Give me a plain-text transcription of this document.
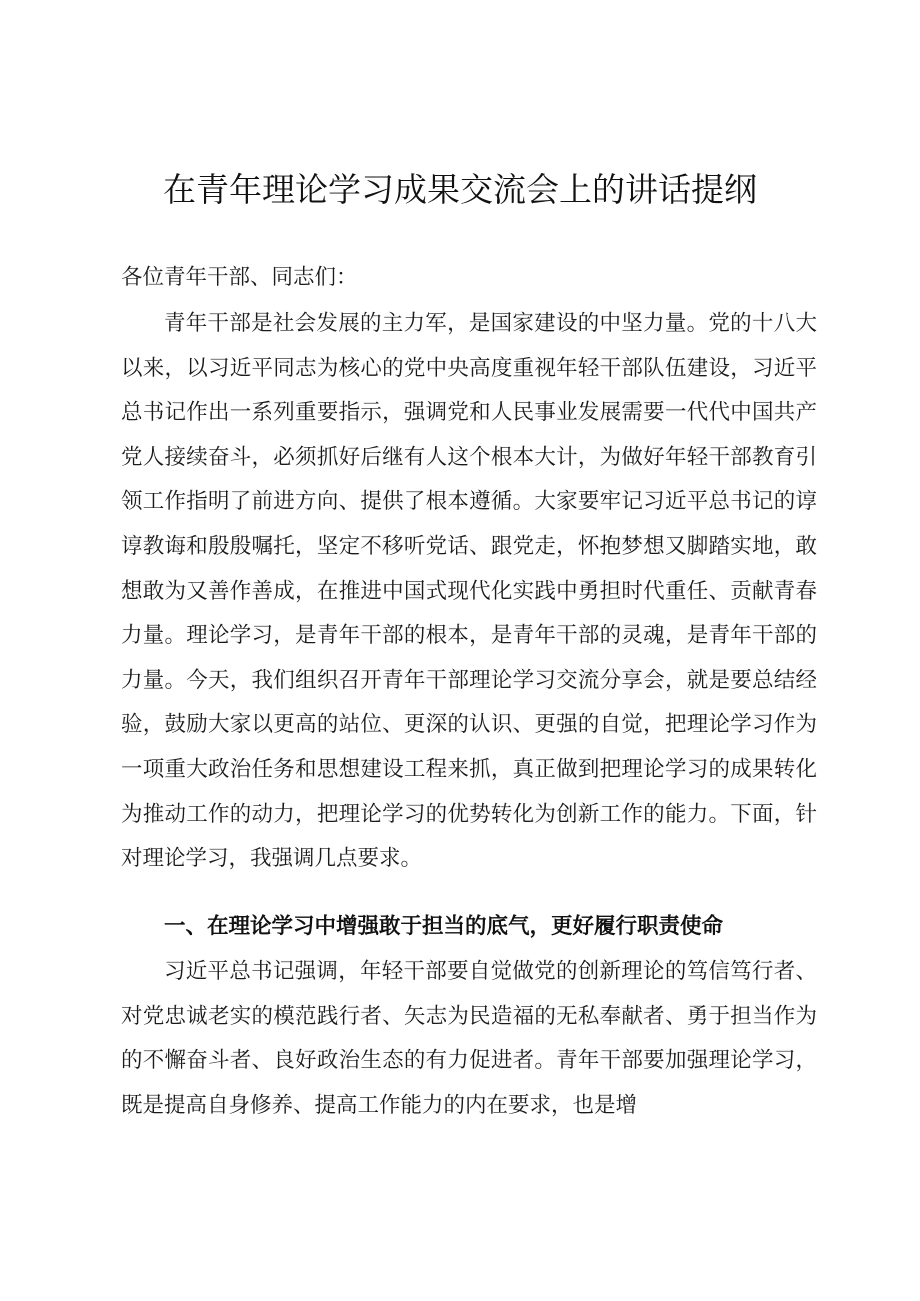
在青年理论学习成果交流会上的讲话提纲

各位青年干部、同志们：

青年干部是社会发展的主力军，是国家建设的中坚力量。党的十八大以来，以习近平同志为核心的党中央高度重视年轻干部队伍建设，习近平总书记作出一系列重要指示，强调党和人民事业发展需要一代代中国共产党人接续奋斗，必须抓好后继有人这个根本大计，为做好年轻干部教育引领工作指明了前进方向、提供了根本遵循。大家要牢记习近平总书记的谆谆教诲和殷殷嘱托，坚定不移听党话、跟党走，怀抱梦想又脚踏实地，敢想敢为又善作善成，在推进中国式现代化实践中勇担时代重任、贡献青春力量。理论学习，是青年干部的根本，是青年干部的灵魂，是青年干部的力量。今天，我们组织召开青年干部理论学习交流分享会，就是要总结经验，鼓励大家以更高的站位、更深的认识、更强的自觉，把理论学习作为一项重大政治任务和思想建设工程来抓，真正做到把理论学习的成果转化为推动工作的动力，把理论学习的优势转化为创新工作的能力。下面，针对理论学习，我强调几点要求。

一、在理论学习中增强敢于担当的底气，更好履行职责使命

习近平总书记强调，年轻干部要自觉做党的创新理论的笃信笃行者、对党忠诚老实的模范践行者、矢志为民造福的无私奉献者、勇于担当作为的不懈奋斗者、良好政治生态的有力促进者。青年干部要加强理论学习，既是提高自身修养、提高工作能力的内在要求，也是增
